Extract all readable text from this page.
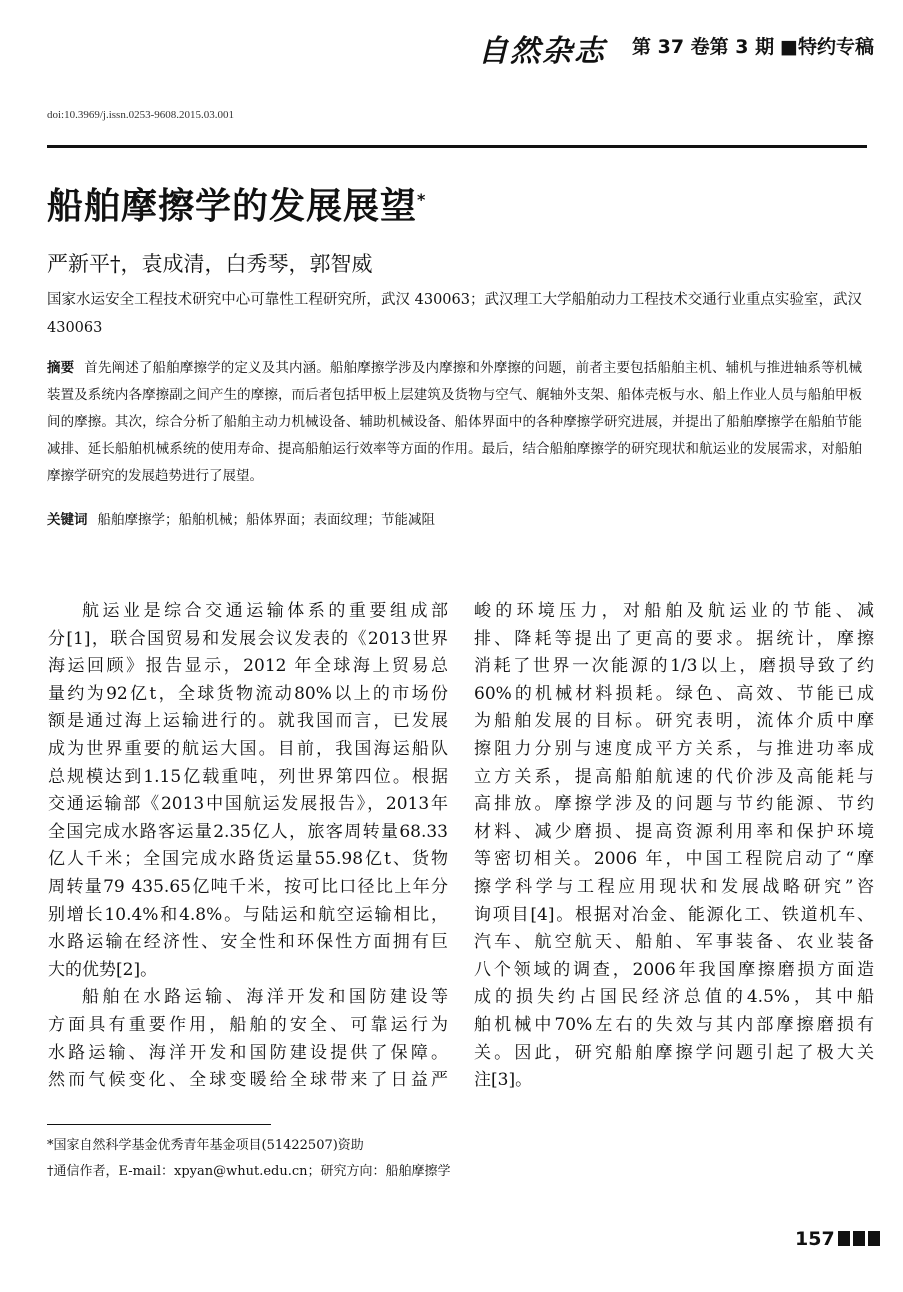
自然杂志 第 37 卷第 3 期 ■特约专稿
doi:10.3969/j.issn.0253-9608.2015.03.001
船舶摩擦学的发展展望*
严新平†，袁成清，白秀琴，郭智威
国家水运安全工程技术研究中心可靠性工程研究所，武汉 430063；武汉理工大学船舶动力工程技术交通行业重点实验室，武汉 430063
摘要 首先阐述了船舶摩擦学的定义及其内涵。船舶摩擦学涉及内摩擦和外摩擦的问题，前者主要包括船舶主机、辅机与推进轴系等机械装置及系统内各摩擦副之间产生的摩擦，而后者包括甲板上层建筑及货物与空气、艉轴外支架、船体壳板与水、船上作业人员与船舶甲板间的摩擦。其次，综合分析了船舶主动力机械设备、辅助机械设备、船体界面中的各种摩擦学研究进展，并提出了船舶摩擦学在船舶节能减排、延长船舶机械系统的使用寿命、提高船舶运行效率等方面的作用。最后，结合船舶摩擦学的研究现状和航运业的发展需求，对船舶摩擦学研究的发展趋势进行了展望。
关键词 船舶摩擦学；船舶机械；船体界面；表面纹理；节能减阻
航运业是综合交通运输体系的重要组成部
分[1]，联合国贸易和发展会议发表的《2013世界
海运回顾》报告显示，2012 年全球海上贸易总
量约为92亿t，全球货物流动80%以上的市场份
额是通过海上运输进行的。就我国而言，已发展
成为世界重要的航运大国。目前，我国海运船队
总规模达到1.15亿载重吨，列世界第四位。根据
交通运输部《2013中国航运发展报告》，2013年
全国完成水路客运量2.35亿人，旅客周转量68.33
亿人千米；全国完成水路货运量55.98亿t、货物
周转量79 435.65亿吨千米，按可比口径比上年分
别增长10.4%和4.8%。与陆运和航空运输相比，
水路运输在经济性、安全性和环保性方面拥有巨
大的优势[2]。
船舶在水路运输、海洋开发和国防建设等
方面具有重要作用，船舶的安全、可靠运行为
水路运输、海洋开发和国防建设提供了保障。
然而气候变化、全球变暖给全球带来了日益严
峻的环境压力，对船舶及航运业的节能、减
排、降耗等提出了更高的要求。据统计，摩擦
消耗了世界一次能源的1/3以上，磨损导致了约
60%的机械材料损耗。绿色、高效、节能已成
为船舶发展的目标。研究表明，流体介质中摩
擦阻力分别与速度成平方关系，与推进功率成
立方关系，提高船舶航速的代价涉及高能耗与
高排放。摩擦学涉及的问题与节约能源、节约
材料、减少磨损、提高资源利用率和保护环境
等密切相关。2006 年，中国工程院启动了“摩
擦学科学与工程应用现状和发展战略研究”咨
询项目[4]。根据对冶金、能源化工、铁道机车、
汽车、航空航天、船舶、军事装备、农业装备
八个领域的调查，2006年我国摩擦磨损方面造
成的损失约占国民经济总值的4.5%，其中船
舶机械中70%左右的失效与其内部摩擦磨损有
关。因此，研究船舶摩擦学问题引起了极大关
注[3]。
*国家自然科学基金优秀青年基金项目(51422507)资助
†通信作者，E-mail：xpyan@whut.edu.cn；研究方向：船舶摩擦学
157
